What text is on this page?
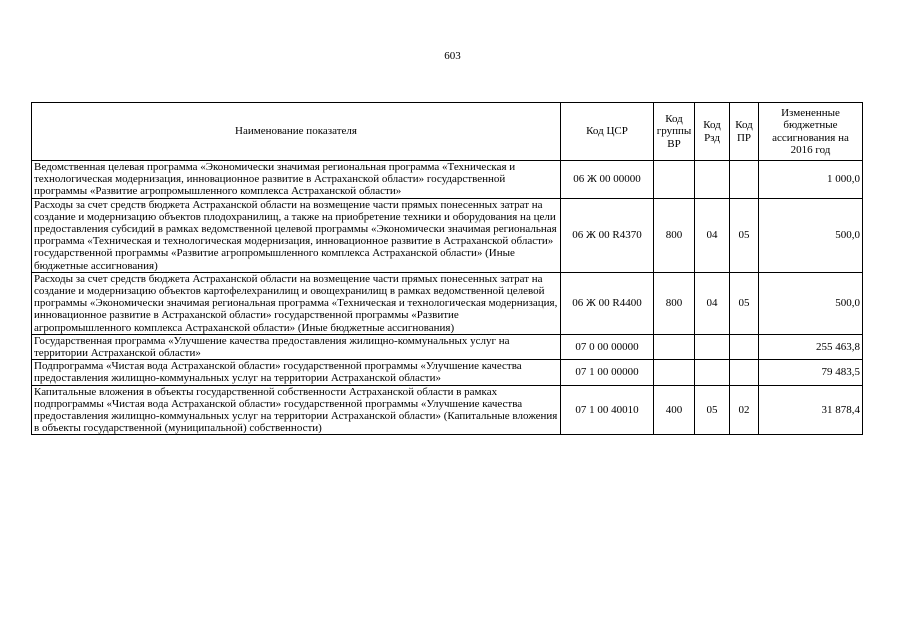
603
Наименование показателя	Код ЦСР	Код группы ВР	Код Рзд	Код ПР	Измененные бюджетные ассигнования на 2016 год
Ведомственная целевая программа «Экономически значимая региональная программа «Техническая и технологическая модернизация, инновационное развитие в Астраханской области» государственной программы «Развитие агропромышленного комплекса Астраханской области»	06 Ж 00 00000				1 000,0
Расходы за счет средств бюджета Астраханской области на возмещение части прямых понесенных затрат на создание и модернизацию объектов плодохранилищ, а также на приобретение техники и оборудования на цели предоставления субсидий в рамках ведомственной целевой программы «Экономически значимая региональная программа «Техническая и технологическая модернизация, инновационное развитие в Астраханской области» государственной программы «Развитие агропромышленного комплекса Астраханской области» (Иные бюджетные ассигнования)	06 Ж 00 R4370	800	04	05	500,0
Расходы за счет средств бюджета Астраханской области на возмещение части прямых понесенных затрат на создание и модернизацию объектов картофелехранилищ и овощехранилищ в рамках ведомственной целевой программы «Экономически значимая региональная программа «Техническая и технологическая модернизация, инновационное развитие в Астраханской области» государственной программы «Развитие агропромышленного комплекса Астраханской области» (Иные бюджетные ассигнования)	06 Ж 00 R4400	800	04	05	500,0
Государственная программа «Улучшение качества предоставления жилищно-коммунальных услуг на территории Астраханской области»	07 0 00 00000				255 463,8
Подпрограмма «Чистая вода Астраханской области» государственной программы «Улучшение качества предоставления жилищно-коммунальных услуг на территории Астраханской области»	07 1 00 00000				79 483,5
Капитальные вложения в объекты государственной собственности Астраханской области в рамках подпрограммы «Чистая вода Астраханской области» государственной программы «Улучшение качества предоставления жилищно-коммунальных услуг на территории Астраханской области» (Капитальные вложения в объекты государственной (муниципальной) собственности)	07 1 00 40010	400	05	02	31 878,4
